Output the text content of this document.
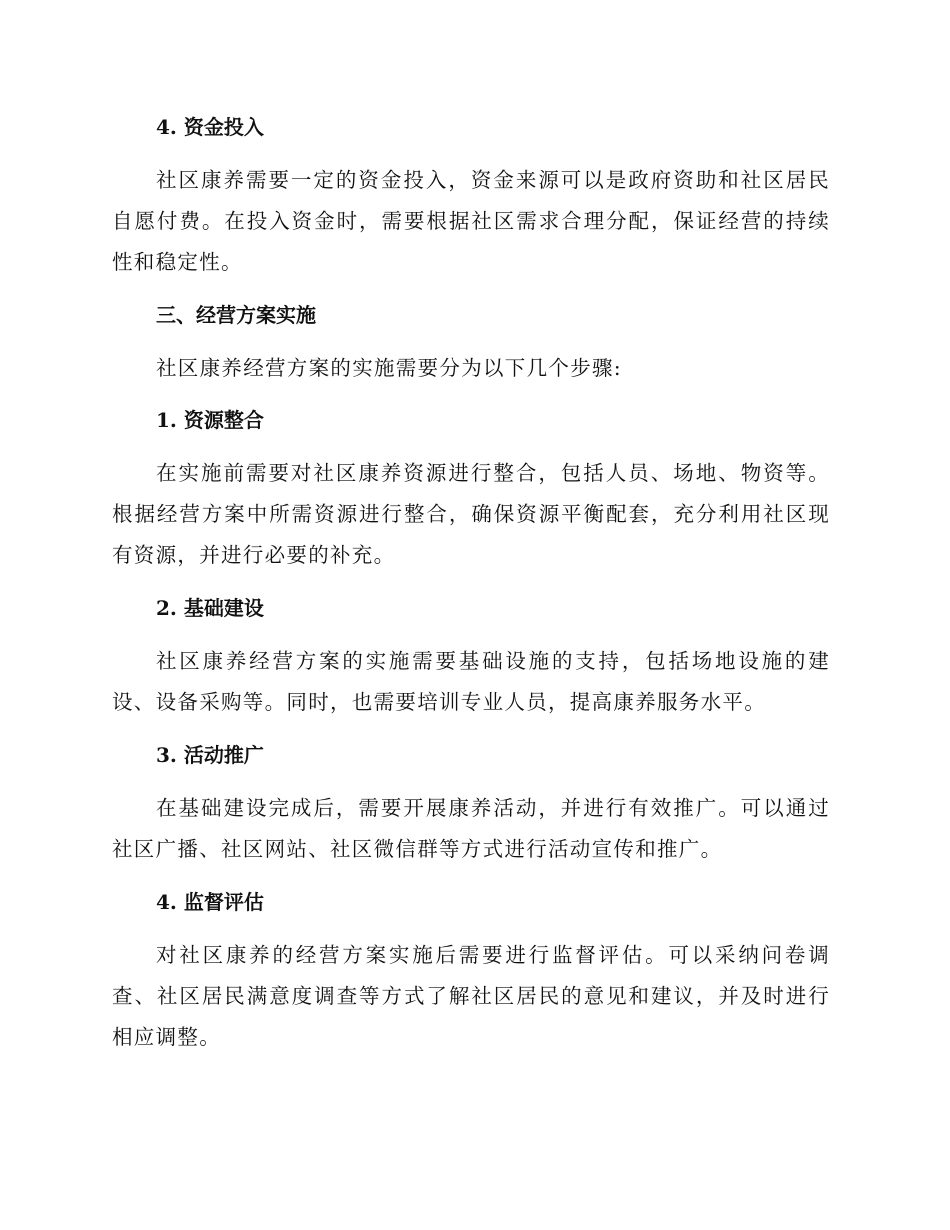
4. 资金投入
社区康养需要一定的资金投入，资金来源可以是政府资助和社区居民自愿付费。在投入资金时，需要根据社区需求合理分配，保证经营的持续性和稳定性。
三、经营方案实施
社区康养经营方案的实施需要分为以下几个步骤:
1. 资源整合
在实施前需要对社区康养资源进行整合，包括人员、场地、物资等。根据经营方案中所需资源进行整合，确保资源平衡配套，充分利用社区现有资源，并进行必要的补充。
2. 基础建设
社区康养经营方案的实施需要基础设施的支持，包括场地设施的建设、设备采购等。同时，也需要培训专业人员，提高康养服务水平。
3. 活动推广
在基础建设完成后，需要开展康养活动，并进行有效推广。可以通过社区广播、社区网站、社区微信群等方式进行活动宣传和推广。
4. 监督评估
对社区康养的经营方案实施后需要进行监督评估。可以采纳问卷调查、社区居民满意度调查等方式了解社区居民的意见和建议，并及时进行相应调整。
